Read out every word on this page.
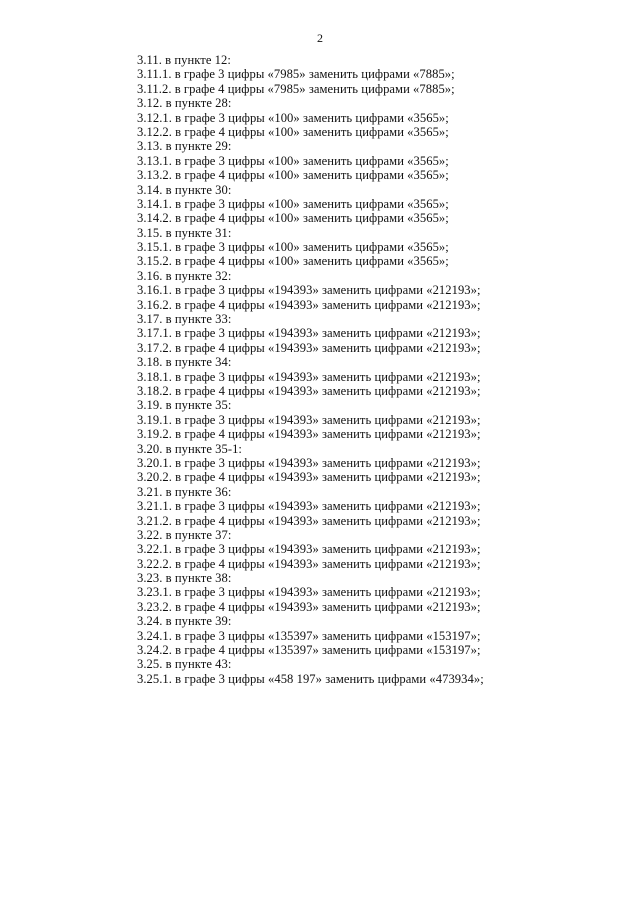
2
3.11. в пункте 12:
3.11.1. в графе 3 цифры «7985» заменить цифрами «7885»;
3.11.2. в графе 4 цифры «7985» заменить цифрами «7885»;
3.12. в пункте 28:
3.12.1. в графе 3 цифры «100» заменить цифрами «3565»;
3.12.2. в графе 4 цифры «100» заменить цифрами «3565»;
3.13. в пункте 29:
3.13.1. в графе 3 цифры «100» заменить цифрами «3565»;
3.13.2. в графе 4 цифры «100» заменить цифрами «3565»;
3.14. в пункте 30:
3.14.1. в графе 3 цифры «100» заменить цифрами «3565»;
3.14.2. в графе 4 цифры «100» заменить цифрами «3565»;
3.15. в пункте 31:
3.15.1. в графе 3 цифры «100» заменить цифрами «3565»;
3.15.2. в графе 4 цифры «100» заменить цифрами «3565»;
3.16. в пункте 32:
3.16.1. в графе 3 цифры «194393» заменить цифрами «212193»;
3.16.2. в графе 4 цифры «194393» заменить цифрами «212193»;
3.17. в пункте 33:
3.17.1. в графе 3 цифры «194393» заменить цифрами «212193»;
3.17.2. в графе 4 цифры «194393» заменить цифрами «212193»;
3.18. в пункте 34:
3.18.1. в графе 3 цифры «194393» заменить цифрами «212193»;
3.18.2. в графе 4 цифры «194393» заменить цифрами «212193»;
3.19. в пункте 35:
3.19.1. в графе 3 цифры «194393» заменить цифрами «212193»;
3.19.2. в графе 4 цифры «194393» заменить цифрами «212193»;
3.20. в пункте 35-1:
3.20.1. в графе 3 цифры «194393» заменить цифрами «212193»;
3.20.2. в графе 4 цифры «194393» заменить цифрами «212193»;
3.21. в пункте 36:
3.21.1. в графе 3 цифры «194393» заменить цифрами «212193»;
3.21.2. в графе 4 цифры «194393» заменить цифрами «212193»;
3.22. в пункте 37:
3.22.1. в графе 3 цифры «194393» заменить цифрами «212193»;
3.22.2. в графе 4 цифры «194393» заменить цифрами «212193»;
3.23. в пункте 38:
3.23.1. в графе 3 цифры «194393» заменить цифрами «212193»;
3.23.2. в графе 4 цифры «194393» заменить цифрами «212193»;
3.24. в пункте 39:
3.24.1. в графе 3 цифры «135397» заменить цифрами «153197»;
3.24.2. в графе 4 цифры «135397» заменить цифрами «153197»;
3.25. в пункте 43:
3.25.1. в графе 3 цифры «458 197» заменить цифрами «473934»;
